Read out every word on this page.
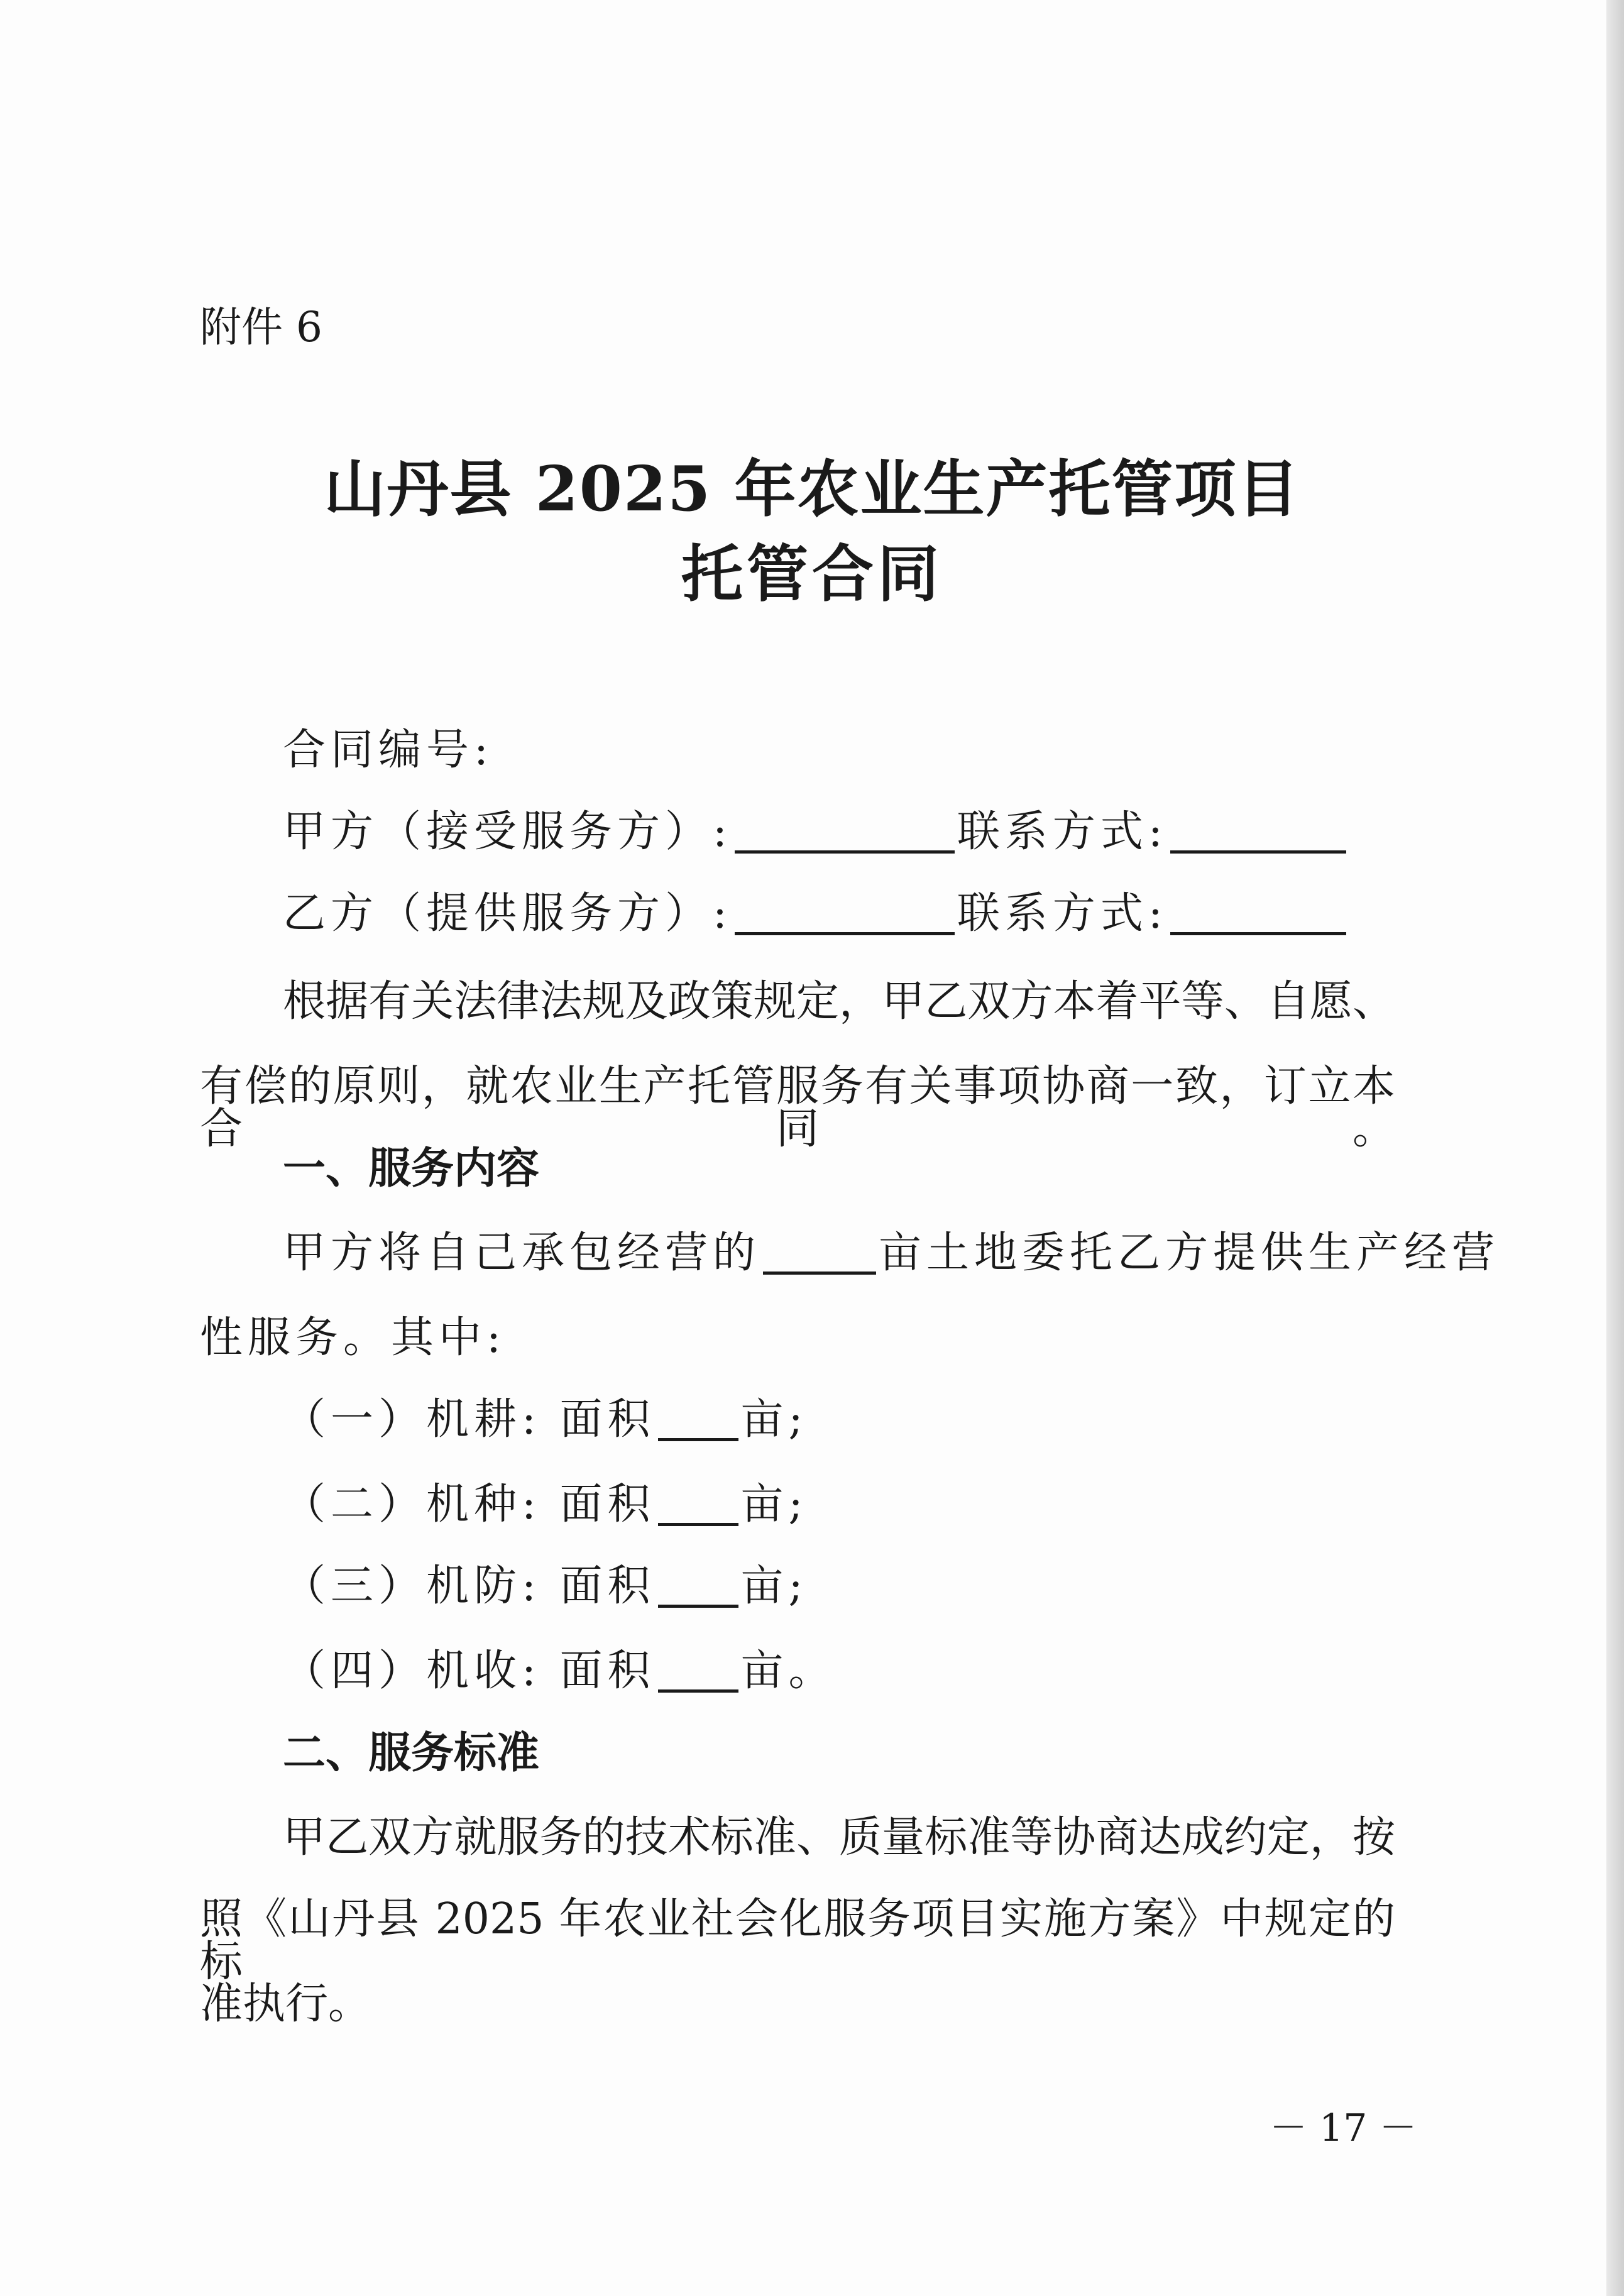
附件 6
山丹县 2025 年农业生产托管项目
托管合同
合同编号:
甲方（接受服务方）:	联系方式:
乙方（提供服务方）:	联系方式:
根据有关法律法规及政策规定，甲乙双方本着平等、自愿、
有偿的原则，就农业生产托管服务有关事项协商一致，订立本合同。
一、服务内容
甲方将自己承包经营的	亩土地委托乙方提供生产经营
性服务。其中:
（一）机耕: 面积 亩;
（二）机种: 面积 亩;
（三）机防: 面积 亩;
（四）机收: 面积 亩。
二、服务标准
甲乙双方就服务的技术标准、质量标准等协商达成约定，按
照《山丹县 2025 年农业社会化服务项目实施方案》中规定的标
准执行。
－ 17 －
